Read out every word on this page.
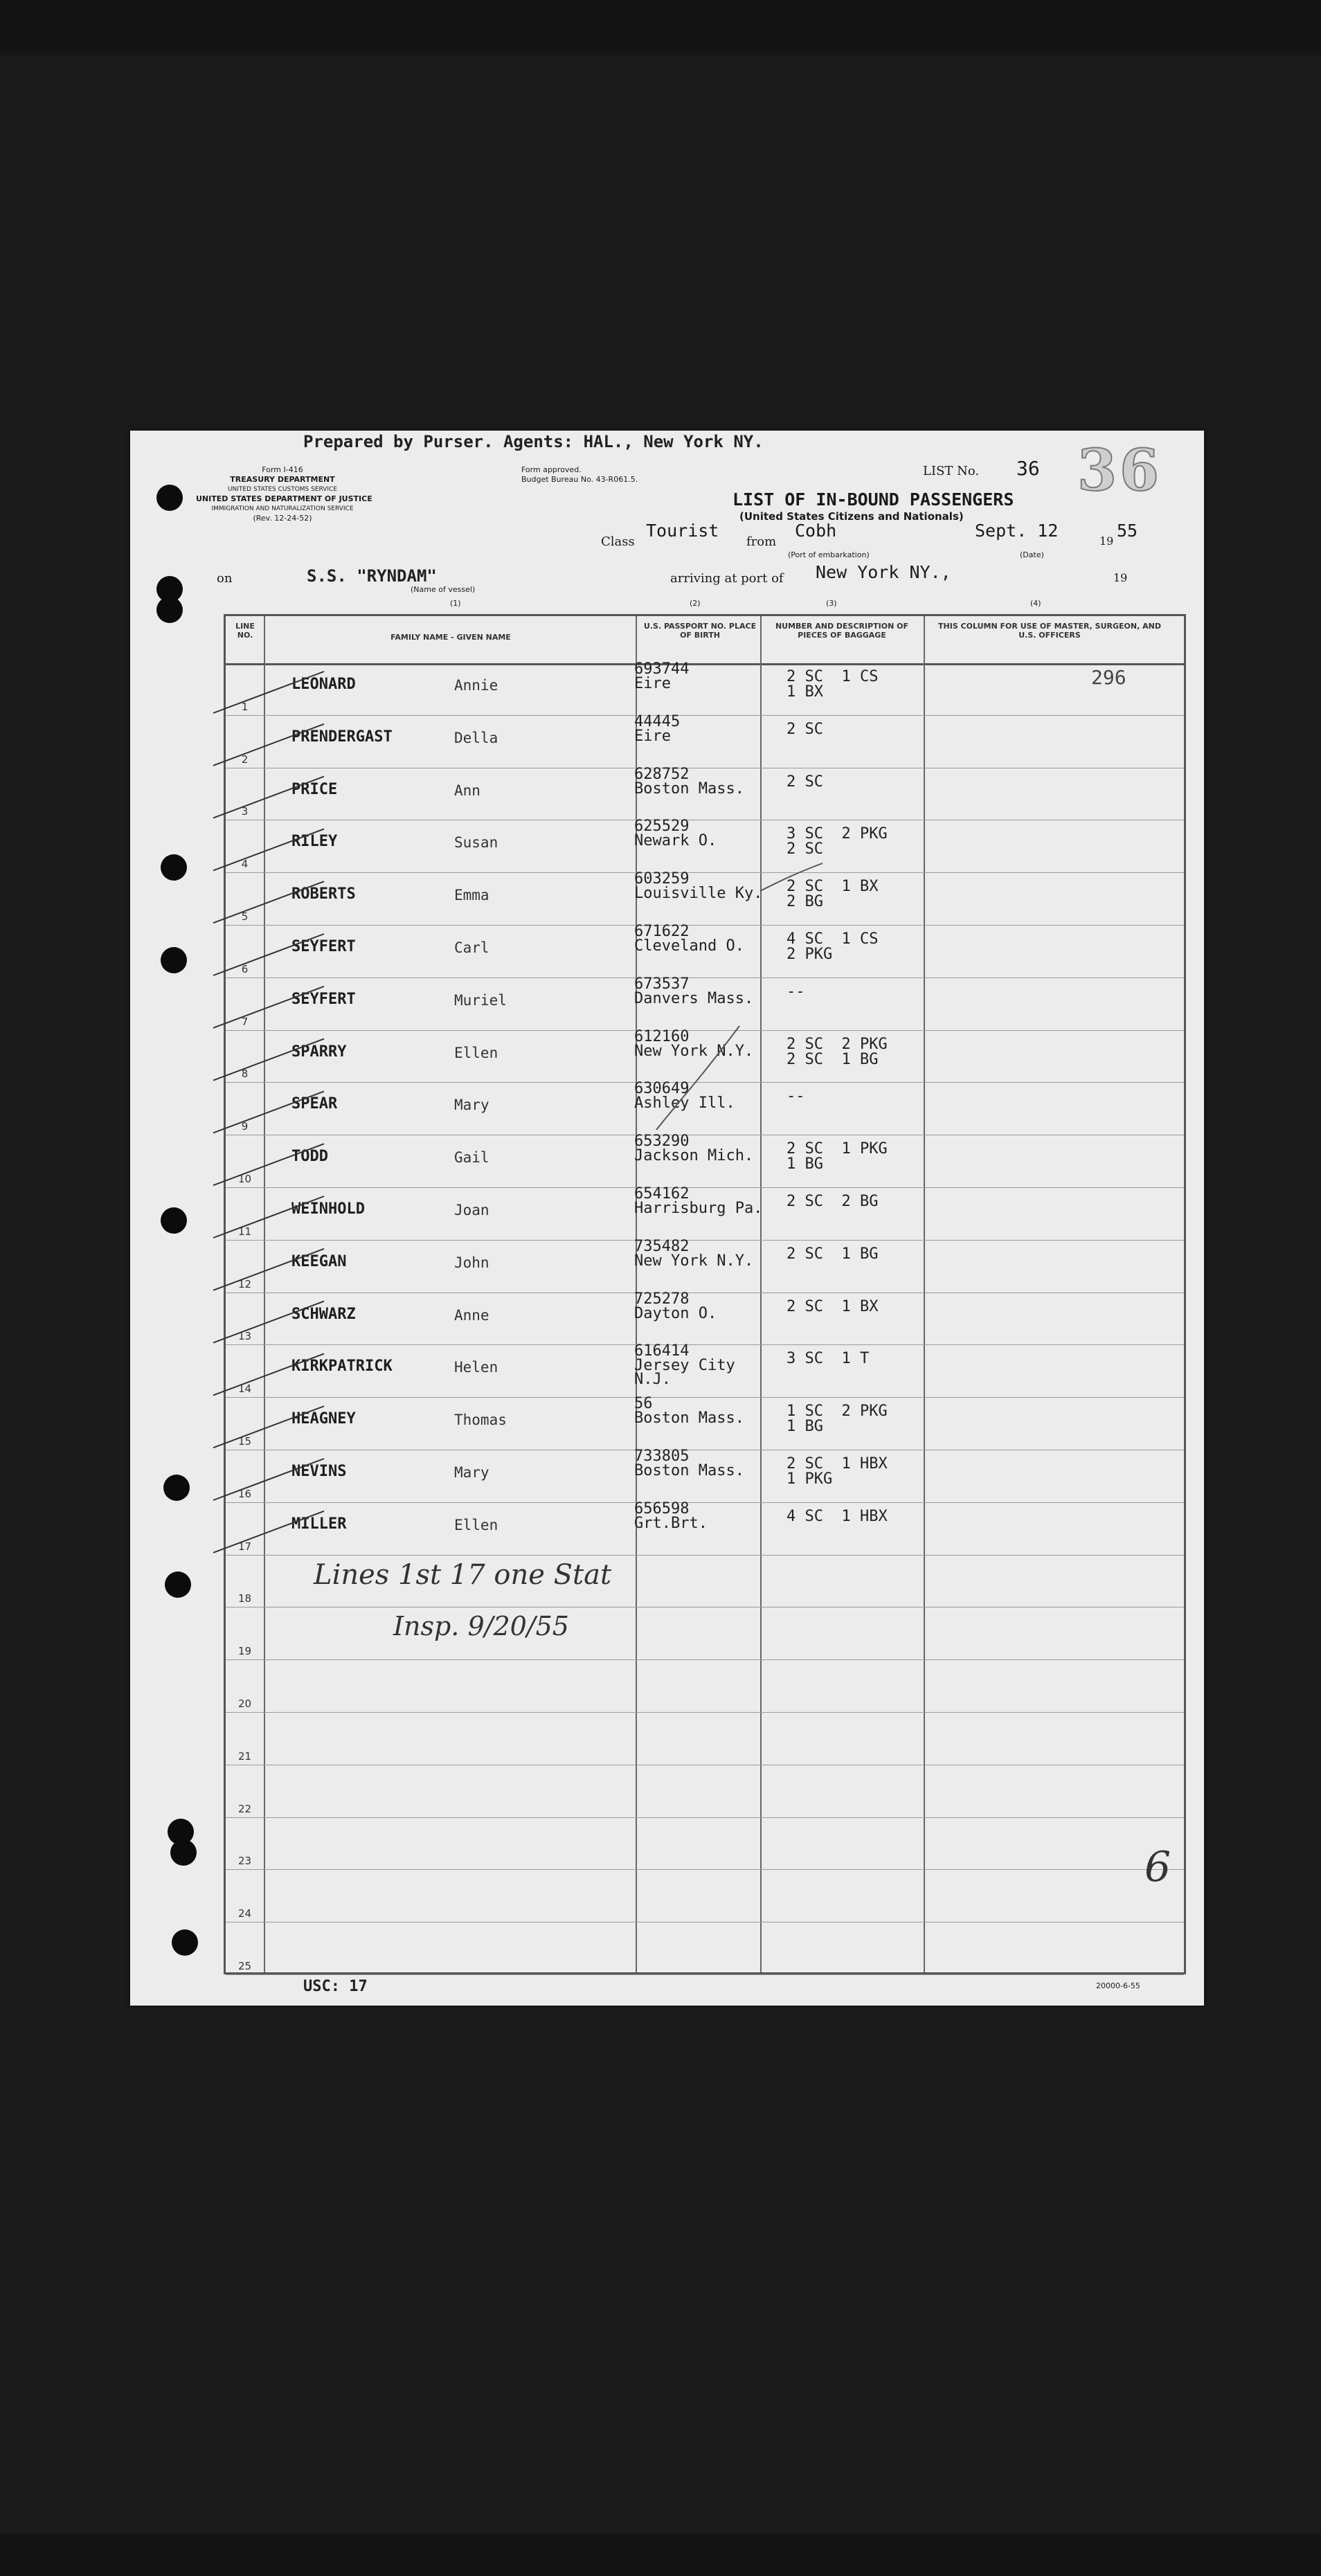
Prepared by Purser. Agents: HAL., New York NY.
Form I-416
TREASURY DEPARTMENT
UNITED STATES CUSTOMS SERVICE
UNITED STATES DEPARTMENT OF JUSTICE
IMMIGRATION AND NATURALIZATION SERVICE
(Rev. 12-24-52)
Form approved.
Budget Bureau No. 43-R061.5.
LIST No. 36 36
LIST OF IN-BOUND PASSENGERS
(United States Citizens and Nationals)
Class
Tourist
from
Cobh
(Port of embarkation)
Sept. 12
19
55
(Date)
on	S.S. "RYNDAM"
(Name of vessel)
arriving at port of New York NY.,	19
(1)	(2)	(3)	(4)
LINE NO.	FAMILY NAME - GIVEN NAME
U.S. PASSPORT NO. PLACE OF BIRTH
NUMBER AND DESCRIPTION OF PIECES OF BAGGAGE
THIS COLUMN FOR USE OF MASTER, SURGEON, AND U.S. OFFICERS
1
LEONARD	Annie
693744
Eire	2 SC  1 CS
1 BX
296
2
PRENDERGAST	Della
44445
Eire	2 SC
3
PRICE	Ann
628752
Boston Mass.	2 SC
4
RILEY	Susan
625529
Newark O.	3 SC  2 PKG
2 SC
5
ROBERTS	Emma
603259
Louisville Ky.	2 SC  1 BX
2 BG
6
SEYFERT	Carl
671622
Cleveland O.	4 SC  1 CS
2 PKG
7
SEYFERT	Muriel
673537
Danvers Mass.	--
8
SPARRY	Ellen
612160
New York N.Y.	2 SC  2 PKG
2 SC  1 BG
9
SPEAR	Mary
630649
Ashley Ill.	--
10
TODD	Gail
653290
Jackson Mich.	2 SC  1 PKG
1 BG
11
WEINHOLD	Joan
654162
Harrisburg Pa.	2 SC  2 BG
12
KEEGAN	John
735482
New York N.Y.	2 SC  1 BG
13
SCHWARZ	Anne
725278
Dayton O.	2 SC  1 BX
14
KIRKPATRICK	Helen
616414
Jersey City N.J.
3 SC  1 T
15
HEAGNEY	Thomas
56
Boston Mass.	1 SC  2 PKG
1 BG
16
NEVINS	Mary
733805
Boston Mass.	2 SC  1 HBX
1 PKG
17
MILLER	Ellen
656598
Grt.Brt.	4 SC  1 HBX
18
19
20
21
22
23
24
25
Lines 1st 17 one Stat
Insp. 9/20/55
6
USC: 17	20000-6-55
